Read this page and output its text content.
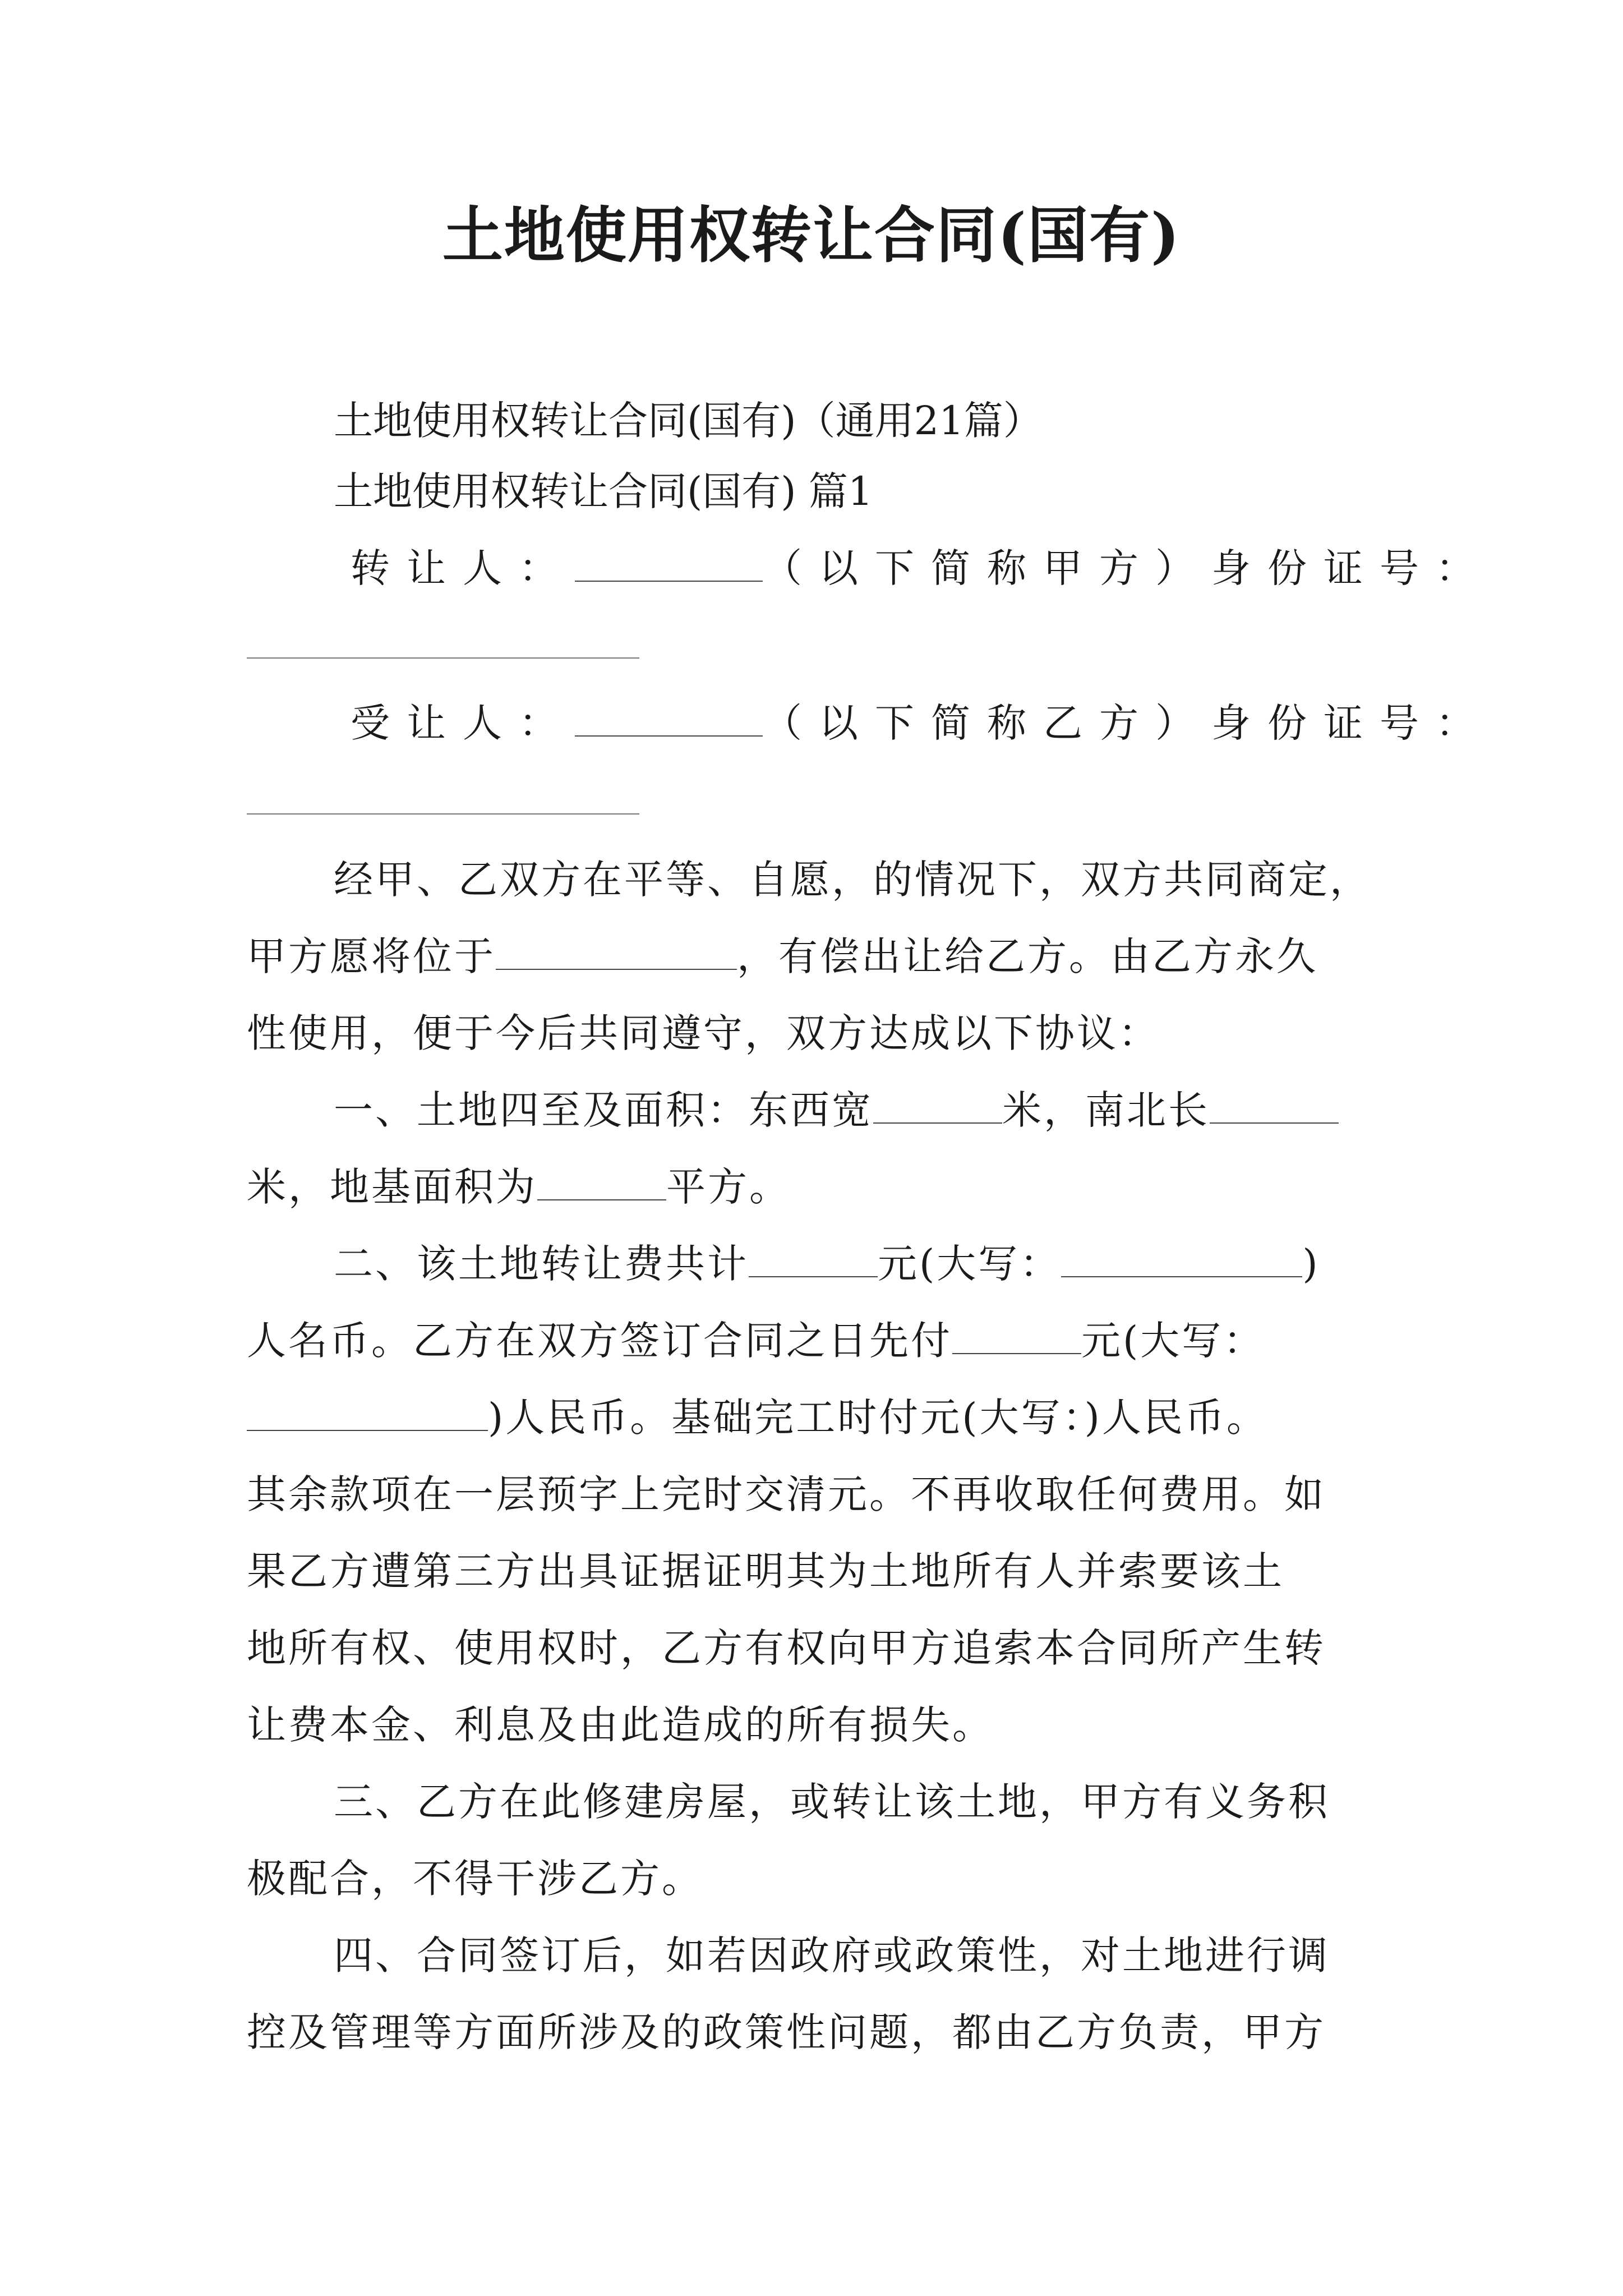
土地使用权转让合同(国有)
土地使用权转让合同(国有)（通用21篇）
土地使用权转让合同(国有) 篇1
转让人：	（以下简称甲方）身份证号：
受让人：	（以下简称乙方）身份证号：
经甲、乙双方在平等、自愿，的情况下，双方共同商定，
甲方愿将位于	，有偿出让给乙方。由乙方永久
性使用，便于今后共同遵守，双方达成以下协议：
一、土地四至及面积：东西宽	米，南北长
米，地基面积为	平方。
二、该土地转让费共计	元(大写：	)
人名币。乙方在双方签订合同之日先付	元(大写：
)人民币。基础完工时付元(大写：)人民币。
其余款项在一层预字上完时交清元。不再收取任何费用。如
果乙方遭第三方出具证据证明其为土地所有人并索要该土
地所有权、使用权时，乙方有权向甲方追索本合同所产生转
让费本金、利息及由此造成的所有损失。
三、乙方在此修建房屋，或转让该土地，甲方有义务积
极配合，不得干涉乙方。
四、合同签订后，如若因政府或政策性，对土地进行调
控及管理等方面所涉及的政策性问题，都由乙方负责，甲方
